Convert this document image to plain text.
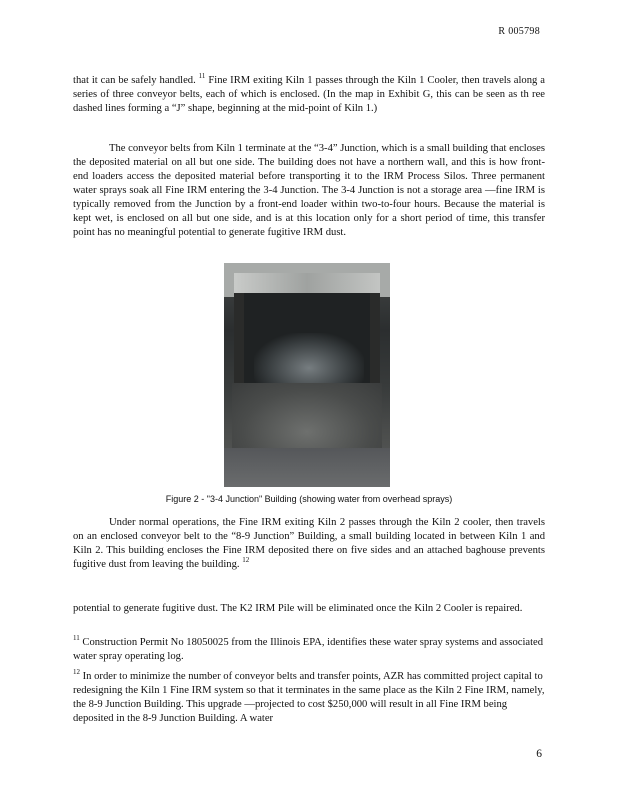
R 005798

that it can be safely handled. $^{11}$ Fine IRM exiting Kiln 1 passes through the Kiln 1 Cooler, then travels along a series of three conveyor belts, each of which is enclosed. (In the map in Exhibit G, this can be seen as th ree dashed lines forming a “J” shape, beginning at the mid-point of Kiln 1.)

The conveyor belts from Kiln 1 terminate at the “3-4” Junction, which is a small building that encloses the deposited material on all but one side. The building does not have a northern wall, and this is how front-end loaders access the deposited material before transporting it to the IRM Process Silos. Three permanent water sprays soak all Fine IRM entering the 3-4 Junction. The 3-4 Junction is not a storage area —fine IRM is typically removed from the Junction by a front-end loader within two-to-four hours. Because the material is kept wet, is enclosed on all but one side, and is at this location only for a short period of time, this transfer point has no meaningful potential to generate fugitive IRM dust.

Figure 2 - "3-4 Junction" Building (showing water from overhead sprays)

Under normal operations, the Fine IRM exiting Kiln 2 passes through the Kiln 2 cooler, then travels on an enclosed conveyor belt to the “8-9 Junction” Building, a small building located in between Kiln 1 and Kiln 2. This building encloses the Fine IRM deposited there on five sides and an attached baghouse prevents fugitive dust from leaving the building. $^{12}$

potential to generate fugitive dust. The K2 IRM Pile will be eliminated once the Kiln 2 Cooler is repaired.

$^{11}$ Construction Permit No 18050025 from the Illinois EPA, identifies these water spray systems and associated water spray operating log.

$^{12}$ In order to minimize the number of conveyor belts and transfer points, AZR has committed project capital to redesigning the Kiln 1 Fine IRM system so that it terminates in the same place as the Kiln 2 Fine IRM, namely, the 8-9 Junction Building. This upgrade —projected to cost $250,000 will result in all Fine IRM being deposited in the 8-9 Junction Building. A water

6
